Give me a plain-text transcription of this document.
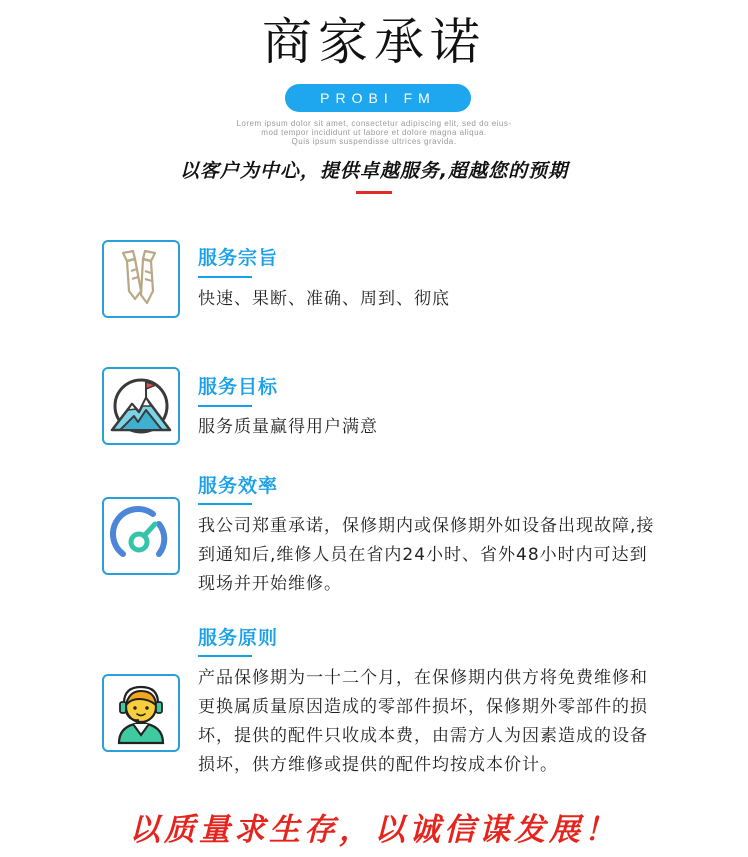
商家承诺
PROBI FM
Lorem ipsum dolor sit amet, consectetur adipiscing elit, sed do eius-
mod tempor incididunt ut labore et dolore magna aliqua.
Quis ipsum suspendisse ultrices gravida.
以客户为中心，提供卓越服务,超越您的预期
服务宗旨
快速、果断、准确、周到、彻底
服务目标
服务质量赢得用户满意
服务效率
我公司郑重承诺，保修期内或保修期外如设备出现故障,接到通知后,维修人员在省内24小时、省外48小时内可达到现场并开始维修。
服务原则
产品保修期为一十二个月，在保修期内供方将免费维修和更换属质量原因造成的零部件损坏，保修期外零部件的损坏，提供的配件只收成本费，由需方人为因素造成的设备损坏，供方维修或提供的配件均按成本价计。
以质量求生存，以诚信谋发展！
